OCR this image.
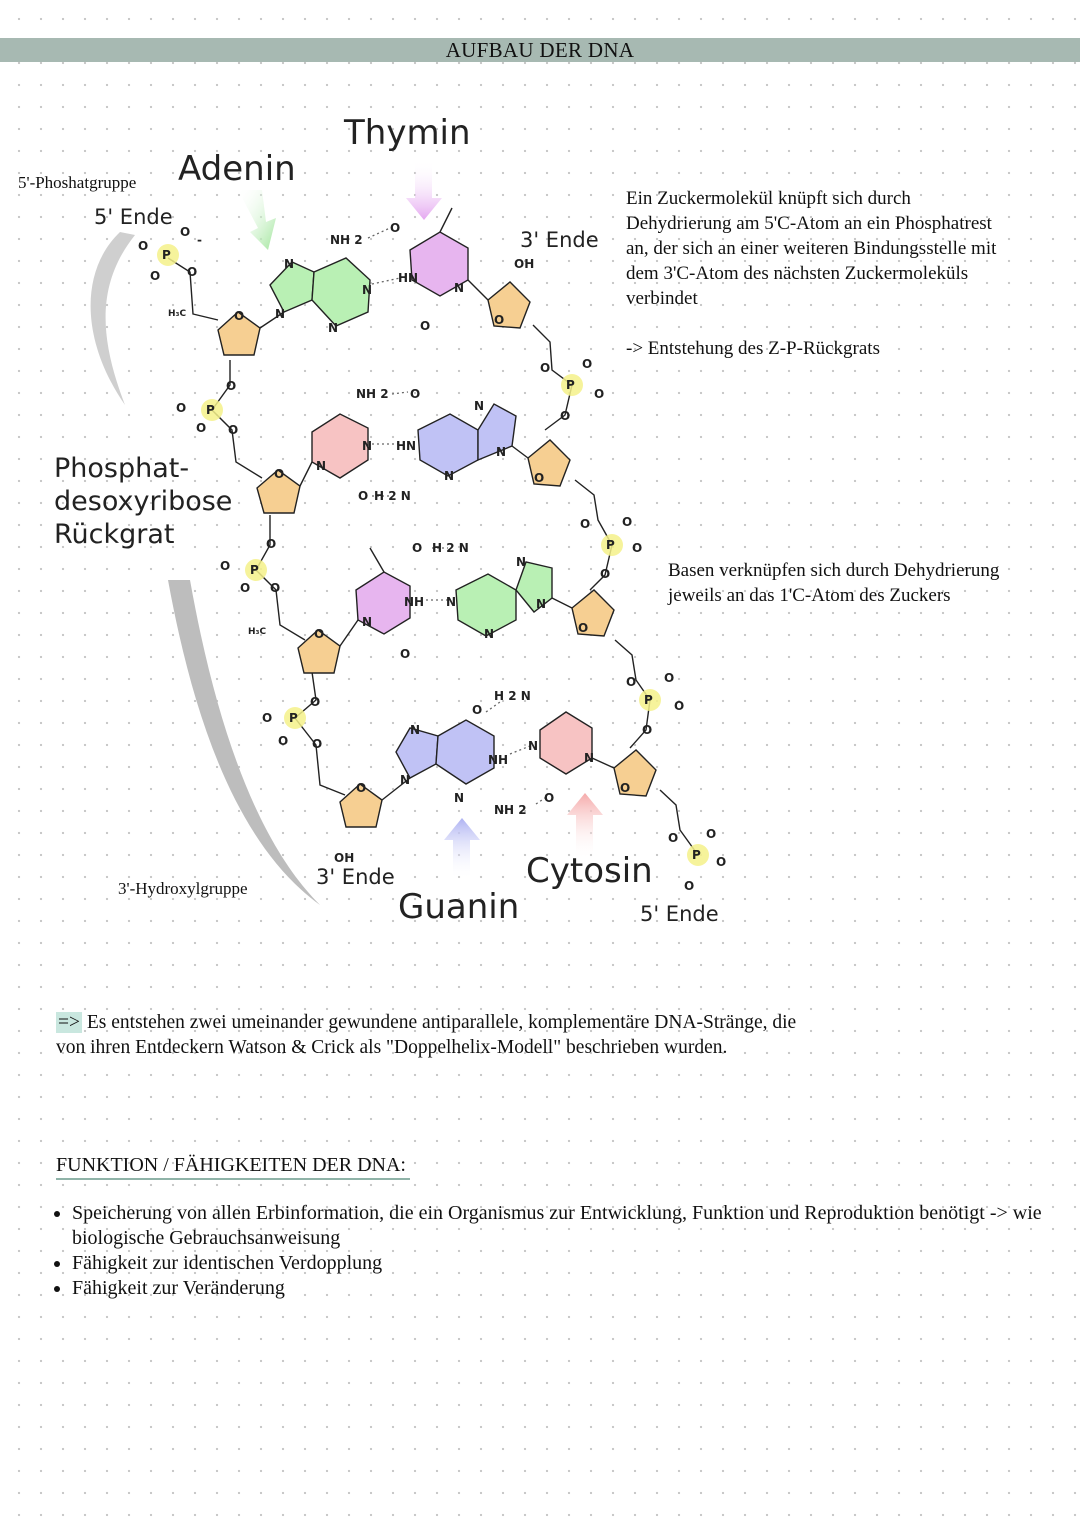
AUFBAU DER DNA
P
O
O
O O
-
H₃C
P
O
O
O O
P
O
O
O O
H₃C
P
O
O
O O
P
O	O
O
O
P
O	O
O
O
P
O O
O
O
P
O O
O
O
O
O
O
O
O
O
O
O
N
N
N
N
NH 2
O
HN
N
O
OH
NH 2 O
N HN
N
O H 2 N
N
N
N
O H 2 N
NH N
N
O
N
N
N
H 2 N
O
N
N
N
NH
N
N
NH 2
O
OH
Adenin
Thymin
5' Ende
3' Ende
Phosphat-
desoxyribose
Rückgrat
3' Ende
Guanin
Cytosin
5' Ende
5'-Phoshatgruppe
3'-Hydroxylgruppe
Ein Zuckermolekül knüpft sich durch
Dehydrierung am 5'C-Atom an ein Phosphatrest
an, der sich an einer weiteren Bindungsstelle mit
dem 3'C-Atom des nächsten Zuckermoleküls
verbindet
-> Entstehung des Z-P-Rückgrats
Basen verknüpfen sich durch Dehydrierung
jeweils an das 1'C-Atom des Zuckers
=> Es entstehen zwei umeinander gewundene antiparallele, komplementäre DNA-Stränge, die
von ihren Entdeckern Watson & Crick als "Doppelhelix-Modell" beschrieben wurden.
FUNKTION / FÄHIGKEITEN DER DNA:
• Speicherung von allen Erbinformation, die ein Organismus zur Entwicklung, Funktion und Reproduktion benötigt -> wie biologische Gebrauchsanweisung
• Fähigkeit zur identischen Verdopplung
• Fähigkeit zur Veränderung
